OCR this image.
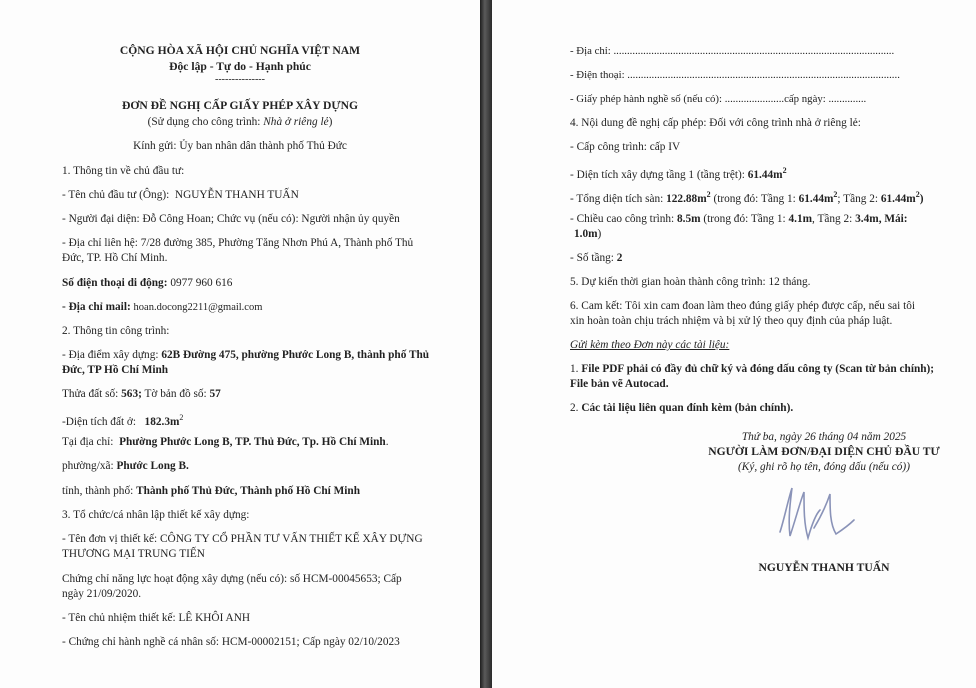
CỘNG HÒA XÃ HỘI CHỦ NGHĨA VIỆT NAM
Độc lập - Tự do - Hạnh phúc
---------------
ĐƠN ĐỀ NGHỊ CẤP GIẤY PHÉP XÂY DỰNG
(Sử dụng cho công trình: Nhà ở riêng lẻ)
Kính gửi: Ủy ban nhân dân thành phố Thủ Đức
1. Thông tin về chủ đầu tư:
- Tên chủ đầu tư (Ông): NGUYỄN THANH TUẤN
- Người đại diện: Đỗ Công Hoan; Chức vụ (nếu có): Người nhận ủy quyền
- Địa chỉ liên hệ: 7/28 đường 385, Phường Tăng Nhơn Phú A, Thành phố Thủ
Đức, TP. Hồ Chí Minh.
Số điện thoại di động: 0977 960 616
- Địa chỉ mail: hoan.docong2211@gmail.com
2. Thông tin công trình:
- Địa điểm xây dựng: 62B Đường 475, phường Phước Long B, thành phố Thủ
Đức, TP Hồ Chí Minh
Thửa đất số: 563; Tờ bản đồ số: 57
-Diện tích đất ở: $182.3m^2$
Tại địa chỉ: Phường Phước Long B, TP. Thủ Đức, Tp. Hồ Chí Minh.
phường/xã: Phước Long B.
tỉnh, thành phố: Thành phố Thủ Đức, Thành phố Hồ Chí Minh
3. Tổ chức/cá nhân lập thiết kế xây dựng:
- Tên đơn vị thiết kế: CÔNG TY CỔ PHẦN TƯ VẤN THIẾT KẾ XÂY DỰNG
THƯƠNG MẠI TRUNG TIẾN
Chứng chỉ năng lực hoạt động xây dựng (nếu có): số HCM-00045653; Cấp
ngày 21/09/2020.
- Tên chủ nhiệm thiết kế: LÊ KHÔI ANH
- Chứng chỉ hành nghề cá nhân số: HCM-00002151; Cấp ngày 02/10/2023
- Địa chỉ: ........................................................................................................
- Điện thoại: .....................................................................................................
- Giấy phép hành nghề số (nếu có): ......................cấp ngày: ..............
4. Nội dung đề nghị cấp phép: Đối với công trình nhà ở riêng lẻ:
- Cấp công trình: cấp IV
- Diện tích xây dựng tầng 1 (tầng trệt): $61.44m^2$
- Tổng diện tích sàn: $122.88m^2$ (trong đó: Tầng 1: $61.44m^2$; Tầng 2: $61.44m^2$)
- Chiều cao công trình: 8.5m (trong đó: Tầng 1: 4.1m, Tầng 2: 3.4m, Mái:
1.0m)
- Số tầng: 2
5. Dự kiến thời gian hoàn thành công trình: 12 tháng.
6. Cam kết: Tôi xin cam đoan làm theo đúng giấy phép được cấp, nếu sai tôi
xin hoàn toàn chịu trách nhiệm và bị xử lý theo quy định của pháp luật.
Gửi kèm theo Đơn này các tài liệu:
1. File PDF phải có đầy đủ chữ ký và đóng dấu công ty (Scan từ bản chính);
File bản vẽ Autocad.
2. Các tài liệu liên quan đính kèm (bản chính).
Thứ ba, ngày 26 tháng 04 năm 2025
NGƯỜI LÀM ĐƠN/ĐẠI DIỆN CHỦ ĐẦU TƯ
(Ký, ghi rõ họ tên, đóng dấu (nếu có))
NGUYỄN THANH TUẤN
